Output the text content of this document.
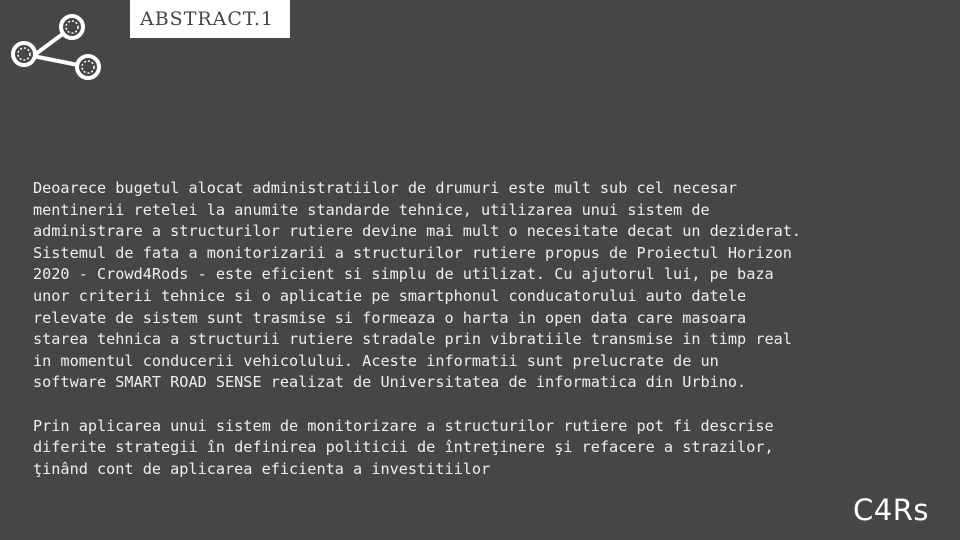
ABSTRACT.1

Deoarece bugetul alocat administratiilor de drumuri este mult sub cel necesar
mentinerii retelei la anumite standarde tehnice, utilizarea unui sistem de
administrare a structurilor rutiere devine mai mult o necesitate decat un deziderat.
Sistemul de fata a monitorizarii a structurilor rutiere propus de Proiectul Horizon
2020 - Crowd4Rods - este eficient si simplu de utilizat. Cu ajutorul lui, pe baza
unor criterii tehnice si o aplicatie pe smartphonul conducatorului auto datele
relevate de sistem sunt trasmise si formeaza o harta in open data care masoara
starea tehnica a structurii rutiere stradale prin vibratiile transmise in timp real
in momentul conducerii vehicolului. Aceste informatii sunt prelucrate de un
software SMART ROAD SENSE realizat de Universitatea de informatica din Urbino.

Prin aplicarea unui sistem de monitorizare a structurilor rutiere pot fi descrise
diferite strategii în definirea politicii de întreţinere şi refacere a strazilor,
ţinând cont de aplicarea eficienta a investitiilor

C4Rs
